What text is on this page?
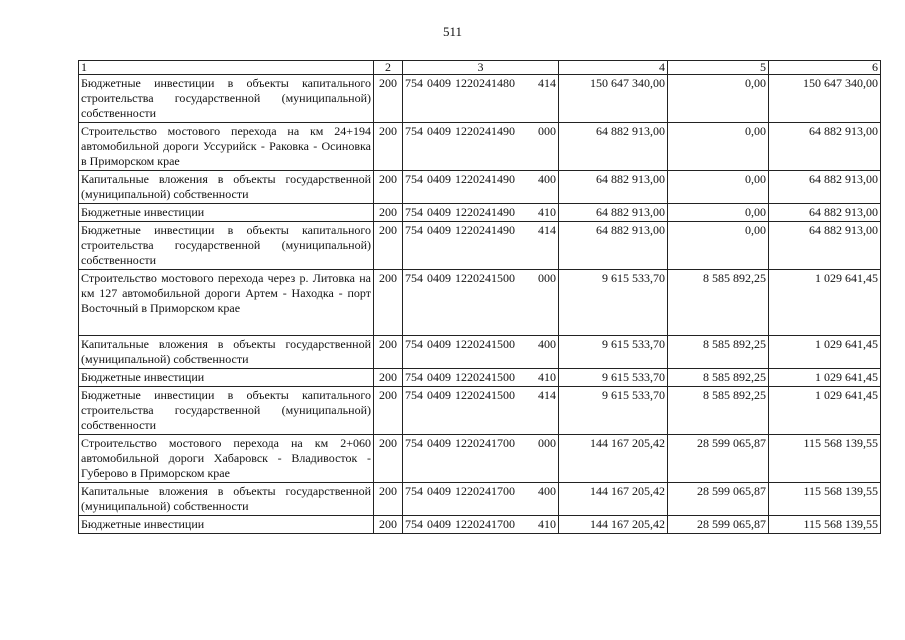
511
1	2	3	4	5	6
Бюджетные инвестиции в объекты капитального строительства государственной (муниципальной) собственности	200	754 0409 1220241480 414	150 647 340,00	0,00	150 647 340,00
Строительство мостового перехода на км 24+194 автомобильной дороги Уссурийск - Раковка - Осиновка в Приморском крае	200	754 0409 1220241490 000	64 882 913,00	0,00	64 882 913,00
Капитальные вложения в объекты государственной (муниципальной) собственности	200	754 0409 1220241490 400	64 882 913,00	0,00	64 882 913,00
Бюджетные инвестиции	200	754 0409 1220241490 410	64 882 913,00	0,00	64 882 913,00
Бюджетные инвестиции в объекты капитального строительства государственной (муниципальной) собственности	200	754 0409 1220241490 414	64 882 913,00	0,00	64 882 913,00
Строительство мостового перехода через р. Литовка на км 127 автомобильной дороги Артем - Находка - порт Восточный в Приморском крае	200	754 0409 1220241500 000	9 615 533,70	8 585 892,25	1 029 641,45
Капитальные вложения в объекты государственной (муниципальной) собственности	200	754 0409 1220241500 400	9 615 533,70	8 585 892,25	1 029 641,45
Бюджетные инвестиции	200	754 0409 1220241500 410	9 615 533,70	8 585 892,25	1 029 641,45
Бюджетные инвестиции в объекты капитального строительства государственной (муниципальной) собственности	200	754 0409 1220241500 414	9 615 533,70	8 585 892,25	1 029 641,45
Строительство мостового перехода на км 2+060 автомобильной дороги Хабаровск - Владивосток - Губерово в Приморском крае	200	754 0409 1220241700 000	144 167 205,42	28 599 065,87	115 568 139,55
Капитальные вложения в объекты государственной (муниципальной) собственности	200	754 0409 1220241700 400	144 167 205,42	28 599 065,87	115 568 139,55
Бюджетные инвестиции	200	754 0409 1220241700 410	144 167 205,42	28 599 065,87	115 568 139,55
